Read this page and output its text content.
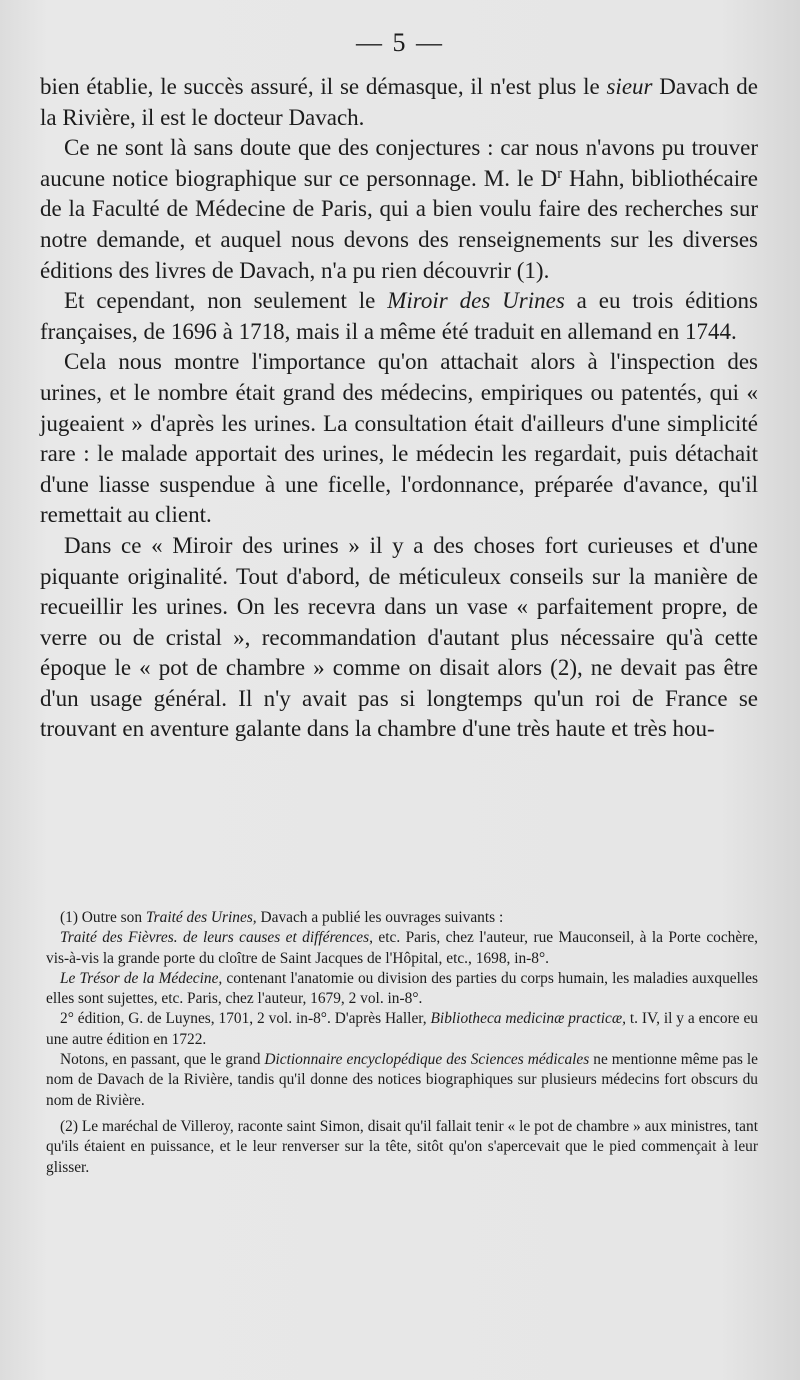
— 5 —

bien établie, le succès assuré, il se démasque, il n'est plus le sieur Davach de la Rivière, il est le docteur Davach.

Ce ne sont là sans doute que des conjectures : car nous n'avons pu trouver aucune notice biographique sur ce personnage. M. le $D^r$ Hahn, bibliothécaire de la Faculté de Médecine de Paris, qui a bien voulu faire des recherches sur notre demande, et auquel nous devons des renseignements sur les diverses éditions des livres de Davach, n'a pu rien découvrir (1).

Et cependant, non seulement le Miroir des Urines a eu trois éditions françaises, de 1696 à 1718, mais il a même été traduit en allemand en 1744.

Cela nous montre l'importance qu'on attachait alors à l'inspection des urines, et le nombre était grand des médecins, empiriques ou patentés, qui « jugeaient » d'après les urines. La consultation était d'ailleurs d'une simplicité rare : le malade apportait des urines, le médecin les regardait, puis détachait d'une liasse suspendue à une ficelle, l'ordonnance, préparée d'avance, qu'il remettait au client.

Dans ce « Miroir des urines » il y a des choses fort curieuses et d'une piquante originalité. Tout d'abord, de méticuleux conseils sur la manière de recueillir les urines. On les recevra dans un vase « parfaitement propre, de verre ou de cristal », recommandation d'autant plus nécessaire qu'à cette époque le « pot de chambre » comme on disait alors (2), ne devait pas être d'un usage général. Il n'y avait pas si longtemps qu'un roi de France se trouvant en aventure galante dans la chambre d'une très haute et très hou-

(1) Outre son Traité des Urines, Davach a publié les ouvrages suivants :

Traité des Fièvres. de leurs causes et différences, etc. Paris, chez l'auteur, rue Mauconseil, à la Porte cochère, vis-à-vis la grande porte du cloître de Saint Jacques de l'Hôpital, etc., 1698, in-8°.

Le Trésor de la Médecine, contenant l'anatomie ou division des parties du corps humain, les maladies auxquelles elles sont sujettes, etc. Paris, chez l'auteur, 1679, 2 vol. in-8°.

2° édition, G. de Luynes, 1701, 2 vol. in-8°. D'après Haller, Bibliotheca medicinæ practicæ, t. IV, il y a encore eu une autre édition en 1722.

Notons, en passant, que le grand Dictionnaire encyclopédique des Sciences médicales ne mentionne même pas le nom de Davach de la Rivière, tandis qu'il donne des notices biographiques sur plusieurs médecins fort obscurs du nom de Rivière.

(2) Le maréchal de Villeroy, raconte saint Simon, disait qu'il fallait tenir « le pot de chambre » aux ministres, tant qu'ils étaient en puissance, et le leur renverser sur la tête, sitôt qu'on s'apercevait que le pied commençait à leur glisser.
